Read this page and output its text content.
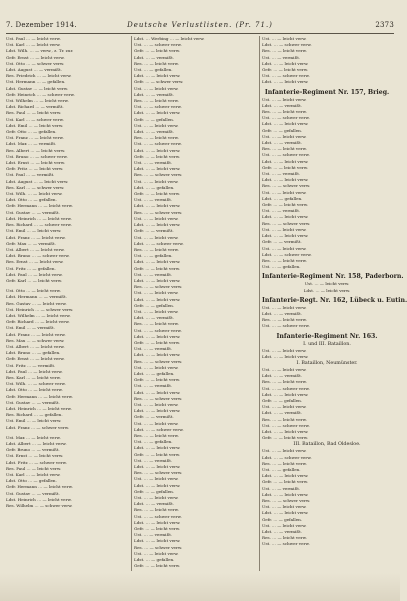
7. Dezember 1914.	Deutsche Verlustlisten. (Pr. 71.)	2373
Ust. Paul … — leicht verw.
Ust. Karl … — leicht verw.
Ldst. Wilh. … — verw., z. Tr. zur.
Gefr. Ernst … — leicht verw.
Ust. Otto … — schwer verw.
Ldst. August … — vermißt.
Res. Friedrich … — leicht verw.
Ust. Hermann … — gefallen.
Ldst. Gustav … — leicht verw.
Gefr. Heinrich … — schwer verw.
Ust. Wilhelm … — leicht verw.
Ldst. Richard … — vermißt.
Res. Paul … — leicht verw.
Ust. Karl … — schwer verw.
Ldst. Emil … — leicht verw.
Gefr. Otto … — gefallen.
Ust. Franz … — leicht verw.
Ldst. Max … — vermißt.
Res. Albert … — leicht verw.
Ust. Bruno … — schwer verw.
Ldst. Ernst … — leicht verw.
Gefr. Fritz … — leicht verw.
Ust. Paul … — vermißt.
Ldst. August … — leicht verw.
Res. Karl … — schwer verw.
Ust. Wilh. … — leicht verw.
Ldst. Otto … — gefallen.
Gefr. Hermann … — leicht verw.
Ust. Gustav … — vermißt.
Ldst. Heinrich … — leicht verw.
Res. Richard … — schwer verw.
Ust. Emil … — leicht verw.
Ldst. Franz … — leicht verw.
Gefr. Max … — vermißt.
Ust. Albert … — leicht verw.
Ldst. Bruno … — schwer verw.
Res. Ernst … — leicht verw.
Ust. Fritz … — gefallen.
Ldst. Paul … — leicht verw.
Gefr. Karl … — leicht verw.
Ust. Otto … — leicht verw.
Ldst. Hermann … — vermißt.
Res. Gustav … — leicht verw.
Ust. Heinrich … — schwer verw.
Ldst. Wilhelm … — leicht verw.
Gefr. Richard … — leicht verw.
Ust. Emil … — vermißt.
Ldst. Franz … — leicht verw.
Res. Max … — schwer verw.
Ust. Albert … — leicht verw.
Ldst. Bruno … — gefallen.
Gefr. Ernst … — leicht verw.
Ust. Fritz … — vermißt.
Ldst. Paul … — leicht verw.
Res. Karl … — leicht verw.
Ust. Wilh. … — schwer verw.
Ldst. Otto … — leicht verw.
Gefr. Hermann … — leicht verw.
Ust. Gustav … — vermißt.
Ldst. Heinrich … — leicht verw.
Res. Richard … — gefallen.
Ust. Emil … — leicht verw.
Ldst. Franz … — schwer verw.
Ust. Max … — leicht verw.
Ldst. Albert … — leicht verw.
Gefr. Bruno … — vermißt.
Ust. Ernst … — leicht verw.
Ldst. Fritz … — schwer verw.
Res. Paul … — leicht verw.
Ust. Karl … — leicht verw.
Ldst. Otto … — gefallen.
Gefr. Hermann … — leicht verw.
Ust. Gustav … — vermißt.
Ldst. Heinrich … — leicht verw.
Res. Wilhelm … — schwer verw.
Ldst. … Werbing … — leicht verw.
Ust. … — schwer verw.
Gefr. … — leicht verw.
Ldst. … — vermißt.
Res. … — leicht verw.
Ust. … — gefallen.
Ldst. … — leicht verw.
Gefr. … — schwer verw.
Ust. … — leicht verw.
Ldst. … — vermißt.
Res. … — leicht verw.
Ust. … — schwer verw.
Ldst. … — leicht verw.
Gefr. … — gefallen.
Ust. … — leicht verw.
Ldst. … — vermißt.
Res. … — leicht verw.
Ust. … — schwer verw.
Ldst. … — leicht verw.
Gefr. … — leicht verw.
Ust. … — vermißt.
Ldst. … — leicht verw.
Res. … — schwer verw.
Ust. … — leicht verw.
Ldst. … — gefallen.
Gefr. … — leicht verw.
Ust. … — vermißt.
Ldst. … — leicht verw.
Res. … — schwer verw.
Ust. … — leicht verw.
Ldst. … — leicht verw.
Gefr. … — vermißt.
Ust. … — leicht verw.
Ldst. … — schwer verw.
Res. … — leicht verw.
Ust. … — gefallen.
Ldst. … — leicht verw.
Gefr. … — leicht verw.
Ust. … — vermißt.
Ldst. … — leicht verw.
Res. … — schwer verw.
Ust. … — leicht verw.
Ldst. … — leicht verw.
Gefr. … — gefallen.
Ust. … — leicht verw.
Ldst. … — vermißt.
Res. … — leicht verw.
Ust. … — schwer verw.
Ldst. … — leicht verw.
Gefr. … — leicht verw.
Ust. … — vermißt.
Ldst. … — leicht verw.
Res. … — schwer verw.
Ust. … — leicht verw.
Ldst. … — gefallen.
Gefr. … — leicht verw.
Ust. … — vermißt.
Ldst. … — leicht verw.
Res. … — schwer verw.
Ust. … — leicht verw.
Ldst. … — leicht verw.
Gefr. … — vermißt.
Ust. … — leicht verw.
Ldst. … — schwer verw.
Res. … — leicht verw.
Ust. … — gefallen.
Ldst. … — leicht verw.
Gefr. … — leicht verw.
Ust. … — vermißt.
Ldst. … — leicht verw.
Res. … — schwer verw.
Ust. … — leicht verw.
Ldst. … — leicht verw.
Gefr. … — gefallen.
Ust. … — leicht verw.
Ldst. … — vermißt.
Res. … — leicht verw.
Ust. … — schwer verw.
Ldst. … — leicht verw.
Gefr. … — leicht verw.
Ust. … — vermißt.
Ldst. … — leicht verw.
Res. … — schwer verw.
Ust. … — leicht verw.
Ldst. … — gefallen.
Gefr. … — leicht verw.
Ust. … — leicht verw.
Ldst. … — schwer verw.
Res. … — leicht verw.
Ust. … — vermißt.
Ldst. … — leicht verw.
Gefr. … — leicht verw.
Ust. … — schwer verw.
Ldst. … — leicht verw.
Infanterie-Regiment Nr. 157, Brieg.
Ust. … — leicht verw.
Ldst. … — vermißt.
Res. … — leicht verw.
Ust. … — schwer verw.
Ldst. … — leicht verw.
Gefr. … — gefallen.
Ust. … — leicht verw.
Ldst. … — vermißt.
Res. … — leicht verw.
Ust. … — schwer verw.
Ldst. … — leicht verw.
Gefr. … — leicht verw.
Ust. … — vermißt.
Ldst. … — leicht verw.
Res. … — schwer verw.
Ust. … — leicht verw.
Ldst. … — gefallen.
Gefr. … — leicht verw.
Ust. … — vermißt.
Ldst. … — leicht verw.
Res. … — schwer verw.
Ust. … — leicht verw.
Ldst. … — leicht verw.
Gefr. … — vermißt.
Ust. … — leicht verw.
Ldst. … — schwer verw.
Res. … — leicht verw.
Ust. … — gefallen.
Infanterie-Regiment Nr. 158, Paderborn.
Ust. … — leicht verw.
Ldst. … — leicht verw.
Infanterie-Regt. Nr. 162, Lübeck u. Eutin.
Ust. … — leicht verw.
Ldst. … — vermißt.
Res. … — leicht verw.
Ust. … — schwer verw.
Infanterie-Regiment Nr. 163.
I. und III. Bataillon.
Ust. … — leicht verw.
Ldst. … — leicht verw.
I. Bataillon, Neumünster.
Ust. … — leicht verw.
Ldst. … — vermißt.
Res. … — leicht verw.
Ust. … — schwer verw.
Ldst. … — leicht verw.
Gefr. … — gefallen.
Ust. … — leicht verw.
Ldst. … — vermißt.
Res. … — leicht verw.
Ust. … — schwer verw.
Ldst. … — leicht verw.
Gefr. … — leicht verw.
III. Bataillon, Bad Oldesloe.
Ust. … — leicht verw.
Ldst. … — schwer verw.
Res. … — leicht verw.
Ust. … — gefallen.
Ldst. … — leicht verw.
Gefr. … — leicht verw.
Ust. … — vermißt.
Ldst. … — leicht verw.
Res. … — schwer verw.
Ust. … — leicht verw.
Ldst. … — leicht verw.
Gefr. … — gefallen.
Ust. … — leicht verw.
Ldst. … — vermißt.
Res. … — leicht verw.
Ust. … — schwer verw.
